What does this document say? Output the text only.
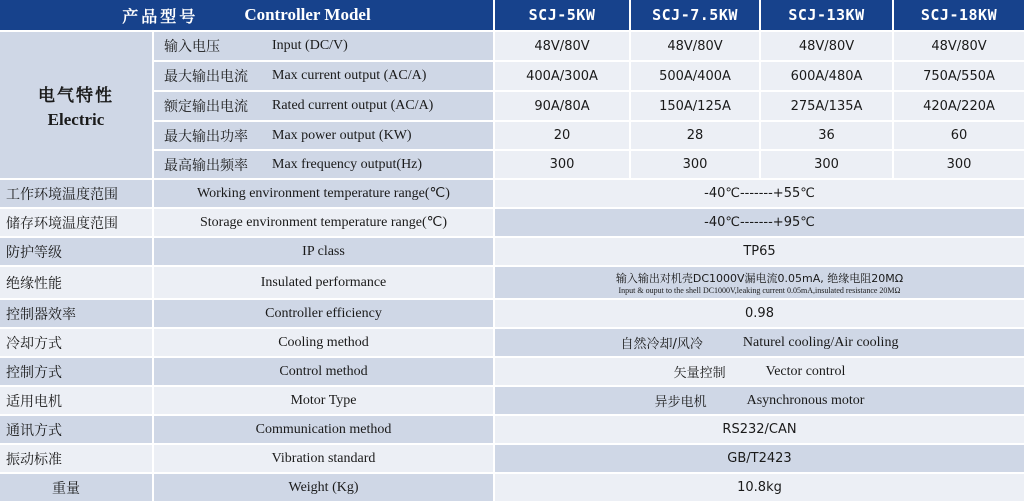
产品型号	Controller Model	SCJ-5KW	SCJ-7.5KW	SCJ-13KW	SCJ-18KW
电气特性
Electric
输入电压	Input (DC/V)	48V/80V	48V/80V	48V/80V	48V/80V
最大输出电流	Max current output (AC/A)	400A/300A	500A/400A	600A/480A	750A/550A
额定输出电流	Rated current output (AC/A)	90A/80A	150A/125A	275A/135A	420A/220A
最大输出功率	Max power output (KW)	20	28	36	60
最高输出频率	Max frequency output(Hz)	300	300	300	300
工作环境温度范围	Working environment temperature range(℃)	-40℃-------+55℃
储存环境温度范围	Storage environment temperature range(℃)	-40℃-------+95℃
防护等级	IP class	TP65
绝缘性能	Insulated performance	输入输出对机壳DC1000V漏电流0.05mA, 绝缘电阻20MΩ
Input & ouput to the shell DC1000V,leaking current 0.05mA,insulated resistance 20MΩ
控制器效率	Controller efficiency	0.98
冷却方式	Cooling method	自然冷却/风冷	Naturel cooling/Air cooling
控制方式	Control method	矢量控制	Vector control
适用电机	Motor Type	异步电机	Asynchronous motor
通讯方式	Communication method	RS232/CAN
振动标准	Vibration standard	GB/T2423
重量	Weight (Kg)	10.8kg
